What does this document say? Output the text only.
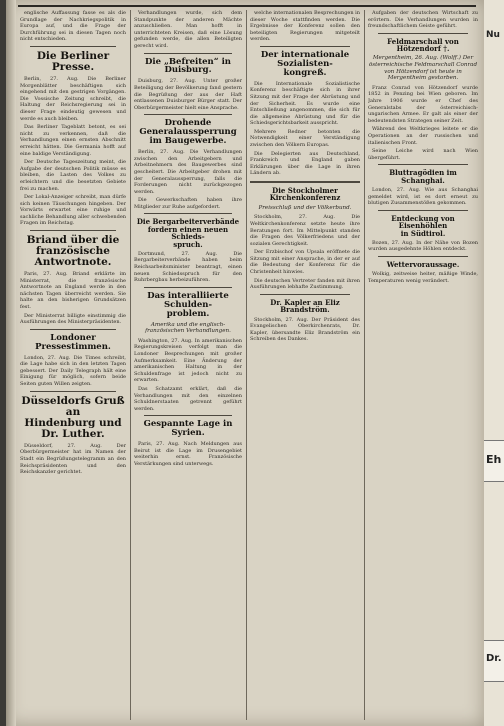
englische Auffassung fasse es als die Grundlage der Nachkriegspolitik in Europa auf, und die Frage der Durchführung sei in diesen Tagen noch nicht entschieden.

Die Berliner Presse.

Berlin, 27. Aug. Die Berliner Morgenblätter beschäftigen sich eingehend mit den gestrigen Vorgängen. Die Vossische Zeitung schreibt, die Haltung der Reichsregierung sei in dieser Frage eindeutig gewesen und werde es auch bleiben.

Das Berliner Tageblatt betont, es sei nicht zu verkennen, daß die Verhandlungen einen ernsten Abschnitt erreicht hätten. Die Germania hofft auf eine baldige Verständigung.

Der Deutsche Tageszeitung meint, die Aufgabe der deutschen Politik müsse es bleiben, die Lasten des Volkes zu erleichtern und die besetzten Gebiete frei zu machen.

Der Lokal-Anzeiger schreibt, man dürfe sich keinen Täuschungen hingeben. Der Vorwärts erwartet eine ruhige und sachliche Behandlung aller schwebenden Fragen im Reichstag.

Briand über die
französische Antwortnote.

Paris, 27. Aug. Briand erklärte im Ministerrat, die französische Antwortnote an England werde in den nächsten Tagen überreicht werden. Sie halte an den bisherigen Grundsätzen fest.

Der Ministerrat billigte einstimmig die Ausführungen des Ministerpräsidenten.

Londoner Pressestimmen.

London, 27. Aug. Die Times schreibt, die Lage habe sich in den letzten Tagen gebessert. Der Daily Telegraph hält eine Einigung für möglich, sofern beide Seiten guten Willen zeigten.

Düsseldorfs Gruß an
Hindenburg und Dr. Luther.

Düsseldorf, 27. Aug. Der Oberbürgermeister hat im Namen der Stadt ein Begrüßungstelegramm an den Reichspräsidenten und den Reichskanzler gerichtet.

Verhandlungen wurde, sich dem Standpunkte der anderen Mächte anzuschließen. Man hofft in unterrichteten Kreisen, daß eine Lösung gefunden werde, die allen Beteiligten gerecht wird.

Die „Befreiten“ in Duisburg.

Duisburg, 27. Aug. Unter großer Beteiligung der Bevölkerung fand gestern die Begrüßung der aus der Haft entlassenen Duisburger Bürger statt. Der Oberbürgermeister hielt eine Ansprache.

Drohende Generalaussperrung
im Baugewerbe.

Berlin, 27. Aug. Die Verhandlungen zwischen den Arbeitgebern und Arbeitnehmern des Baugewerbes sind gescheitert. Die Arbeitgeber drohen mit der Generalaussperrung, falls die Forderungen nicht zurückgezogen werden.

Die Gewerkschaften haben ihre Mitglieder zur Ruhe aufgefordert.

Die Bergarbeiterverbände
fordern einen neuen Schieds-
spruch.

Dortmund, 27. Aug. Die Bergarbeiterverbände haben beim Reichsarbeitsminister beantragt, einen neuen Schiedsspruch für den Ruhrbergbau herbeizuführen.

Das interalliierte Schulden-
problem.
Amerika und die englisch-französischen Verhandlungen.

Washington, 27. Aug. In amerikanischen Regierungskreisen verfolgt man die Londoner Besprechungen mit großer Aufmerksamkeit. Eine Änderung der amerikanischen Haltung in der Schuldenfrage ist jedoch nicht zu erwarten.

Das Schatzamt erklärt, daß die Verhandlungen mit den einzelnen Schuldnerstaaten getrennt geführt werden.

Gespannte Lage in Syrien.

Paris, 27. Aug. Nach Meldungen aus Beirut ist die Lage im Drusengebiet weiterhin ernst. Französische Verstärkungen sind unterwegs.

welche internationalen Besprechungen in dieser Woche stattfinden werden. Die Ergebnisse der Konferenz sollen den beteiligten Regierungen mitgeteilt werden.

Der internationale Sozialisten-
kongreß.

Die Internationale Sozialistische Konferenz beschäftigte sich in ihrer Sitzung mit der Frage der Abrüstung und der Sicherheit. Es wurde eine Entschließung angenommen, die sich für die allgemeine Abrüstung und für die Schiedsgerichtsbarkeit ausspricht.

Mehrere Redner betonten die Notwendigkeit einer Verständigung zwischen den Völkern Europas.

Die Delegierten aus Deutschland, Frankreich und England gaben Erklärungen über die Lage in ihren Ländern ab.

Die Stockholmer Kirchenkonferenz
Preisschluß und der Völkerbund.

Stockholm, 27. Aug. Die Weltkirchenkonferenz setzte heute ihre Beratungen fort. Im Mittelpunkt standen die Fragen des Völkerfriedens und der sozialen Gerechtigkeit.

Der Erzbischof von Upsala eröffnete die Sitzung mit einer Ansprache, in der er auf die Bedeutung der Konferenz für die Christenheit hinwies.

Die deutschen Vertreter fanden mit ihren Ausführungen lebhafte Zustimmung.

Dr. Kapler an Eliz Brandström.

Stockholm, 27. Aug. Der Präsident des Evangelischen Oberkirchenrats, Dr. Kapler, übersandte Eliz Brandström ein Schreiben des Dankes.

Aufgaben der deutschen Wirtschaft zu erörtern. Die Verhandlungen wurden in freundschaftlichem Geiste geführt.

Feldmarschall von Hötzendorf †.
Mergentheim, 26. Aug. (Wolff.) Der österreichische Feldmarschall Conrad von Hötzendorf ist heute in Mergentheim gestorben.

Franz Conrad von Hötzendorf wurde 1852 in Penzing bei Wien geboren. Im Jahre 1906 wurde er Chef des Generalstabs der österreichisch-ungarischen Armee. Er galt als einer der bedeutendsten Strategen seiner Zeit.

Während des Weltkrieges leitete er die Operationen an der russischen und italienischen Front.

Seine Leiche wird nach Wien übergeführt.

Bluttragödien im Schanghai.

London, 27. Aug. Wie aus Schanghai gemeldet wird, ist es dort erneut zu blutigen Zusammenstößen gekommen.

Entdeckung von Eisenhöhlen
in Südtirol.

Bozen, 27. Aug. In der Nähe von Bozen wurden ausgedehnte Höhlen entdeckt.

Wettervoraussage.

Wolkig, zeitweise heiter, mäßige Winde, Temperaturen wenig verändert.

Nu
Eh
Dr.
